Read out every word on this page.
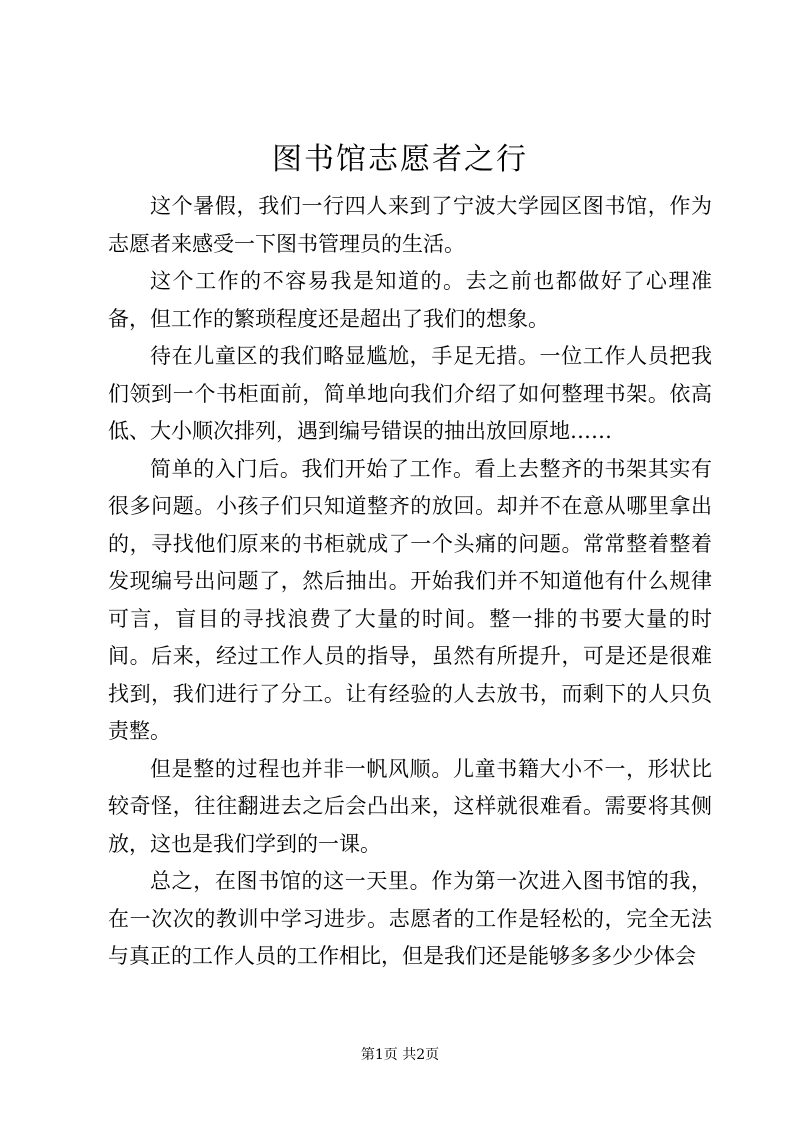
图书馆志愿者之行

这个暑假，我们一行四人来到了宁波大学园区图书馆，作为志愿者来感受一下图书管理员的生活。

这个工作的不容易我是知道的。去之前也都做好了心理准备，但工作的繁琐程度还是超出了我们的想象。

待在儿童区的我们略显尴尬，手足无措。一位工作人员把我们领到一个书柜面前，简单地向我们介绍了如何整理书架。依高低、大小顺次排列，遇到编号错误的抽出放回原地……

简单的入门后。我们开始了工作。看上去整齐的书架其实有很多问题。小孩子们只知道整齐的放回。却并不在意从哪里拿出的，寻找他们原来的书柜就成了一个头痛的问题。常常整着整着发现编号出问题了，然后抽出。开始我们并不知道他有什么规律可言，盲目的寻找浪费了大量的时间。整一排的书要大量的时间。后来，经过工作人员的指导，虽然有所提升，可是还是很难找到，我们进行了分工。让有经验的人去放书，而剩下的人只负责整。

但是整的过程也并非一帆风顺。儿童书籍大小不一，形状比较奇怪，往往翻进去之后会凸出来，这样就很难看。需要将其侧放，这也是我们学到的一课。

总之，在图书馆的这一天里。作为第一次进入图书馆的我，在一次次的教训中学习进步。志愿者的工作是轻松的，完全无法与真正的工作人员的工作相比，但是我们还是能够多多少少体会

第1页 共2页
